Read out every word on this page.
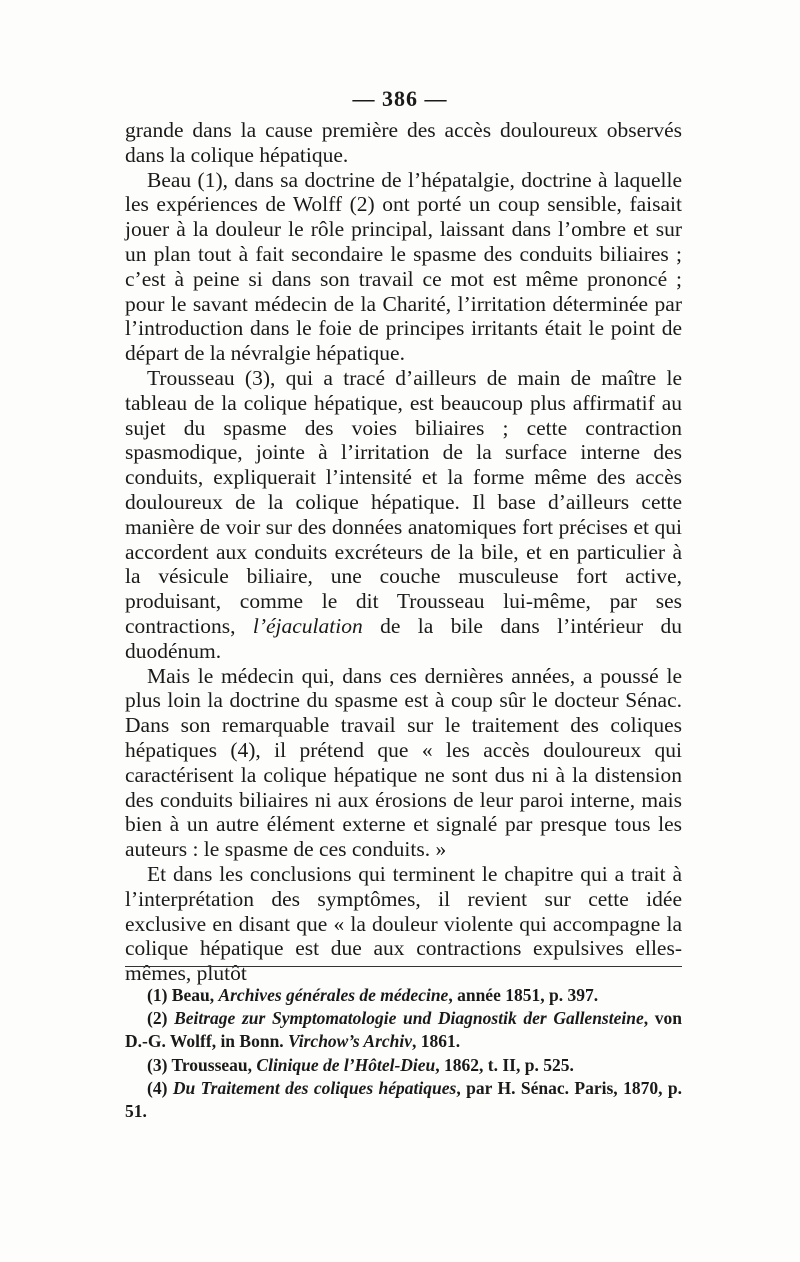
— 386 —

grande dans la cause première des accès douloureux observés dans la colique hépatique.

Beau (1), dans sa doctrine de l’hépatalgie, doctrine à laquelle les expériences de Wolff (2) ont porté un coup sensible, faisait jouer à la douleur le rôle principal, laissant dans l’ombre et sur un plan tout à fait secondaire le spasme des conduits biliaires ; c’est à peine si dans son travail ce mot est même prononcé ; pour le savant médecin de la Charité, l’irritation déterminée par l’introduction dans le foie de principes irritants était le point de départ de la névralgie hépatique.

Trousseau (3), qui a tracé d’ailleurs de main de maître le tableau de la colique hépatique, est beaucoup plus affirmatif au sujet du spasme des voies biliaires ; cette contraction spasmodique, jointe à l’irritation de la surface interne des conduits, expliquerait l’intensité et la forme même des accès douloureux de la colique hépatique. Il base d’ailleurs cette manière de voir sur des données anatomiques fort précises et qui accordent aux conduits excréteurs de la bile, et en particulier à la vésicule biliaire, une couche musculeuse fort active, produisant, comme le dit Trousseau lui-même, par ses contractions, l’éjaculation de la bile dans l’intérieur du duodénum.

Mais le médecin qui, dans ces dernières années, a poussé le plus loin la doctrine du spasme est à coup sûr le docteur Sénac. Dans son remarquable travail sur le traitement des coliques hépatiques (4), il prétend que « les accès douloureux qui caractérisent la colique hépatique ne sont dus ni à la distension des conduits biliaires ni aux érosions de leur paroi interne, mais bien à un autre élément externe et signalé par presque tous les auteurs : le spasme de ces conduits. »

Et dans les conclusions qui terminent le chapitre qui a trait à l’interprétation des symptômes, il revient sur cette idée exclusive en disant que « la douleur violente qui accompagne la colique hépatique est due aux contractions expulsives elles-mêmes, plutôt

(1) Beau, Archives générales de médecine, année 1851, p. 397.

(2) Beitrage zur Symptomatologie und Diagnostik der Gallensteine, von D.-G. Wolff, in Bonn. Virchow’s Archiv, 1861.

(3) Trousseau, Clinique de l’Hôtel-Dieu, 1862, t. II, p. 525.

(4) Du Traitement des coliques hépatiques, par H. Sénac. Paris, 1870, p. 51.
